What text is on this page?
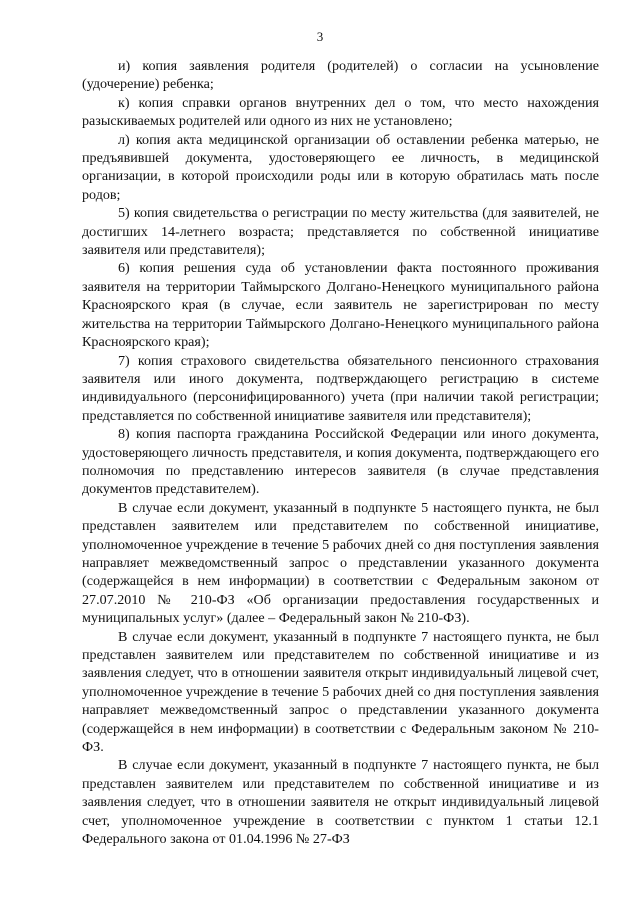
3

и) копия заявления родителя (родителей) о согласии на усыновление (удочерение) ребенка;

к) копия справки органов внутренних дел о том, что место нахождения разыскиваемых родителей или одного из них не установлено;

л) копия акта медицинской организации об оставлении ребенка матерью, не предъявившей документа, удостоверяющего ее личность, в медицинской организации, в которой происходили роды или в которую обратилась мать после родов;

5) копия свидетельства о регистрации по месту жительства (для заявителей, не достигших 14-летнего возраста; представляется по собственной инициативе заявителя или представителя);

6) копия решения суда об установлении факта постоянного проживания заявителя на территории Таймырского Долгано-Ненецкого муниципального района Красноярского края (в случае, если заявитель не зарегистрирован по месту жительства на территории Таймырского Долгано-Ненецкого муниципального района Красноярского края);

7) копия страхового свидетельства обязательного пенсионного страхования заявителя или иного документа, подтверждающего регистрацию в системе индивидуального (персонифицированного) учета (при наличии такой регистрации; представляется по собственной инициативе заявителя или представителя);

8) копия паспорта гражданина Российской Федерации или иного документа, удостоверяющего личность представителя, и копия документа, подтверждающего его полномочия по представлению интересов заявителя (в случае представления документов представителем).

В случае если документ, указанный в подпункте 5 настоящего пункта, не был представлен заявителем или представителем по собственной инициативе, уполномоченное учреждение в течение 5 рабочих дней со дня поступления заявления направляет межведомственный запрос о представлении указанного документа (содержащейся в нем информации) в соответствии с Федеральным законом от 27.07.2010 № 210-ФЗ «Об организации предоставления государственных и муниципальных услуг» (далее – Федеральный закон № 210-ФЗ).

В случае если документ, указанный в подпункте 7 настоящего пункта, не был представлен заявителем или представителем по собственной инициативе и из заявления следует, что в отношении заявителя открыт индивидуальный лицевой счет, уполномоченное учреждение в течение 5 рабочих дней со дня поступления заявления направляет межведомственный запрос о представлении указанного документа (содержащейся в нем информации) в соответствии с Федеральным законом № 210-ФЗ.

В случае если документ, указанный в подпункте 7 настоящего пункта, не был представлен заявителем или представителем по собственной инициативе и из заявления следует, что в отношении заявителя не открыт индивидуальный лицевой счет, уполномоченное учреждение в соответствии с пунктом 1 статьи 12.1 Федерального закона от 01.04.1996 № 27-ФЗ
